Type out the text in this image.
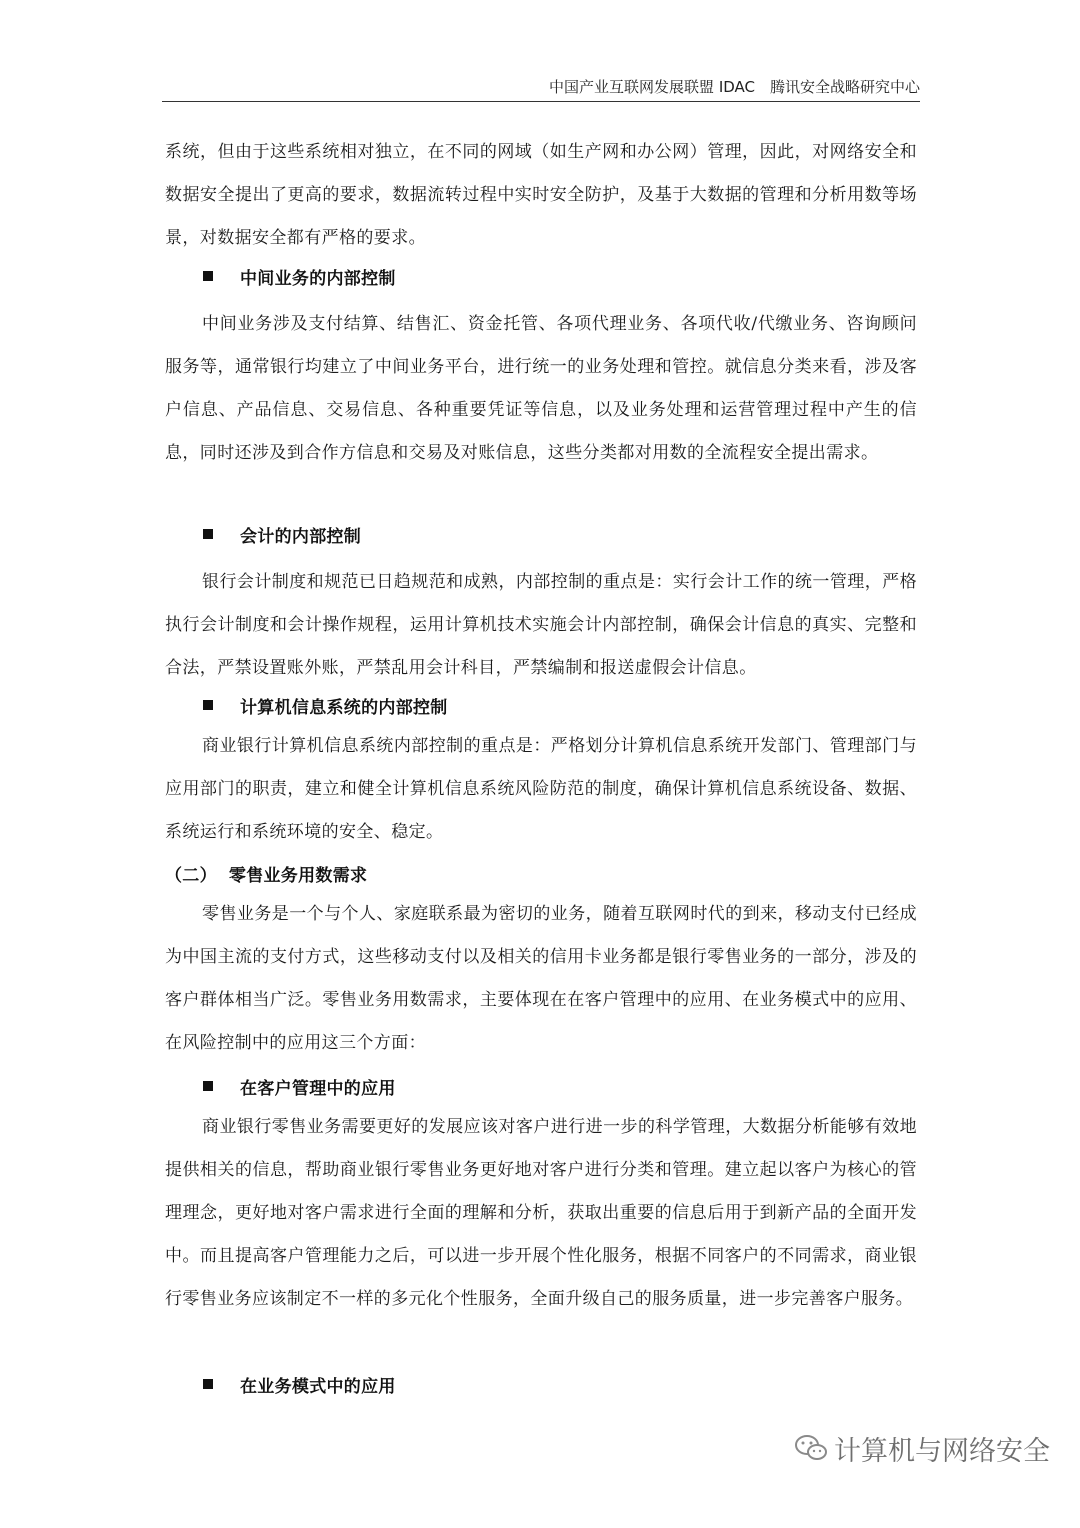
中国产业互联网发展联盟 IDAC　腾讯安全战略研究中心

系统，但由于这些系统相对独立，在不同的网域（如生产网和办公网）管理，因此，对网络安全和数据安全提出了更高的要求，数据流转过程中实时安全防护，及基于大数据的管理和分析用数等场景，对数据安全都有严格的要求。

中间业务的内部控制

中间业务涉及支付结算、结售汇、资金托管、各项代理业务、各项代收/代缴业务、咨询顾问服务等，通常银行均建立了中间业务平台，进行统一的业务处理和管控。就信息分类来看，涉及客户信息、产品信息、交易信息、各种重要凭证等信息，以及业务处理和运营管理过程中产生的信息，同时还涉及到合作方信息和交易及对账信息，这些分类都对用数的全流程安全提出需求。

会计的内部控制

银行会计制度和规范已日趋规范和成熟，内部控制的重点是：实行会计工作的统一管理，严格执行会计制度和会计操作规程，运用计算机技术实施会计内部控制，确保会计信息的真实、完整和合法，严禁设置账外账，严禁乱用会计科目，严禁编制和报送虚假会计信息。

计算机信息系统的内部控制

商业银行计算机信息系统内部控制的重点是：严格划分计算机信息系统开发部门、管理部门与应用部门的职责，建立和健全计算机信息系统风险防范的制度，确保计算机信息系统设备、数据、系统运行和系统环境的安全、稳定。

（二） 零售业务用数需求

零售业务是一个与个人、家庭联系最为密切的业务，随着互联网时代的到来，移动支付已经成为中国主流的支付方式，这些移动支付以及相关的信用卡业务都是银行零售业务的一部分，涉及的客户群体相当广泛。零售业务用数需求，主要体现在在客户管理中的应用、在业务模式中的应用、在风险控制中的应用这三个方面：

在客户管理中的应用

商业银行零售业务需要更好的发展应该对客户进行进一步的科学管理，大数据分析能够有效地提供相关的信息，帮助商业银行零售业务更好地对客户进行分类和管理。建立起以客户为核心的管理理念，更好地对客户需求进行全面的理解和分析，获取出重要的信息后用于到新产品的全面开发中。而且提高客户管理能力之后，可以进一步开展个性化服务，根据不同客户的不同需求，商业银行零售业务应该制定不一样的多元化个性服务，全面升级自己的服务质量，进一步完善客户服务。

在业务模式中的应用
计算机与网络安全
